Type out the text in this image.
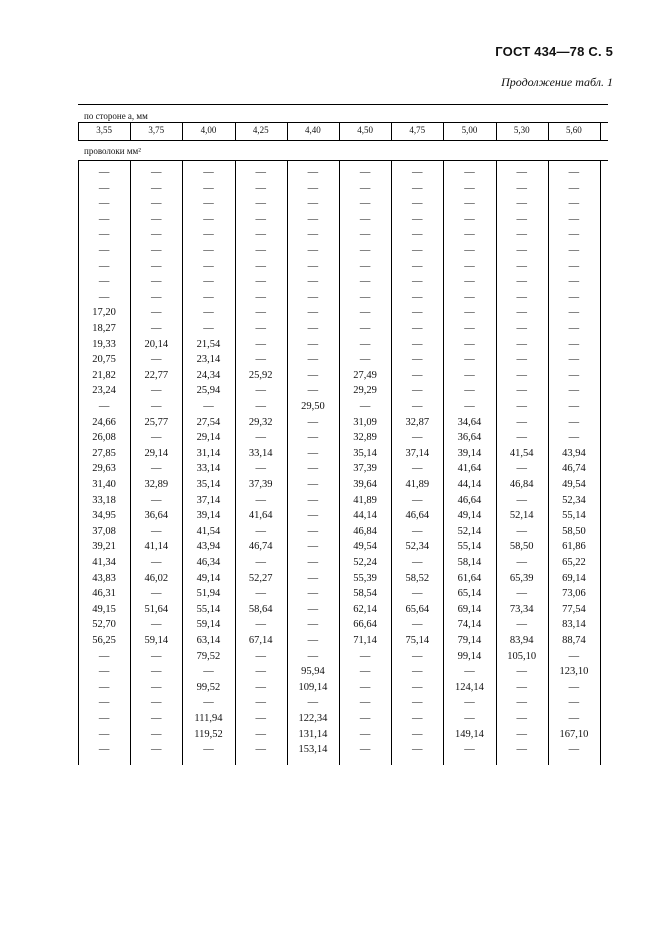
ГОСТ 434—78 С. 5
Продолжение табл. 1
по стороне a, мм
3,55	3,75	4,00	4,25	4,40	4,50	4,75	5,00	5,30	5,60
проволоки мм²
—	—	—	—	—	—	—	—	—	—
—	—	—	—	—	—	—	—	—	—
—	—	—	—	—	—	—	—	—	—
—	—	—	—	—	—	—	—	—	—
—	—	—	—	—	—	—	—	—	—
—	—	—	—	—	—	—	—	—	—
—	—	—	—	—	—	—	—	—	—
—	—	—	—	—	—	—	—	—	—
—	—	—	—	—	—	—	—	—	—
17,20	—	—	—	—	—	—	—	—	—
18,27	—	—	—	—	—	—	—	—	—
19,33	20,14	21,54	—	—	—	—	—	—	—
20,75	—	23,14	—	—	—	—	—	—	—
21,82	22,77	24,34	25,92	—	27,49	—	—	—	—
23,24	—	25,94	—	—	29,29	—	—	—	—
—	—	—	—	29,50	—	—	—	—	—
24,66	25,77	27,54	29,32	—	31,09	32,87	34,64	—	—
26,08	—	29,14	—	—	32,89	—	36,64	—	—
27,85	29,14	31,14	33,14	—	35,14	37,14	39,14	41,54	43,94
29,63	—	33,14	—	—	37,39	—	41,64	—	46,74
31,40	32,89	35,14	37,39	—	39,64	41,89	44,14	46,84	49,54
33,18	—	37,14	—	—	41,89	—	46,64	—	52,34
34,95	36,64	39,14	41,64	—	44,14	46,64	49,14	52,14	55,14
37,08	—	41,54	—	—	46,84	—	52,14	—	58,50
39,21	41,14	43,94	46,74	—	49,54	52,34	55,14	58,50	61,86
41,34	—	46,34	—	—	52,24	—	58,14	—	65,22
43,83	46,02	49,14	52,27	—	55,39	58,52	61,64	65,39	69,14
46,31	—	51,94	—	—	58,54	—	65,14	—	73,06
49,15	51,64	55,14	58,64	—	62,14	65,64	69,14	73,34	77,54
52,70	—	59,14	—	—	66,64	—	74,14	—	83,14
56,25	59,14	63,14	67,14	—	71,14	75,14	79,14	83,94	88,74
—	—	79,52	—	—	—	—	99,14	105,10	—
—	—	—	—	95,94	—	—	—	—	123,10
—	—	99,52	—	109,14	—	—	124,14	—	—
—	—	—	—	—	—	—	—	—	—
—	—	111,94	—	122,34	—	—	—	—	—
—	—	119,52	—	131,14	—	—	149,14	—	167,10
—	—	—	—	153,14	—	—	—	—	—
